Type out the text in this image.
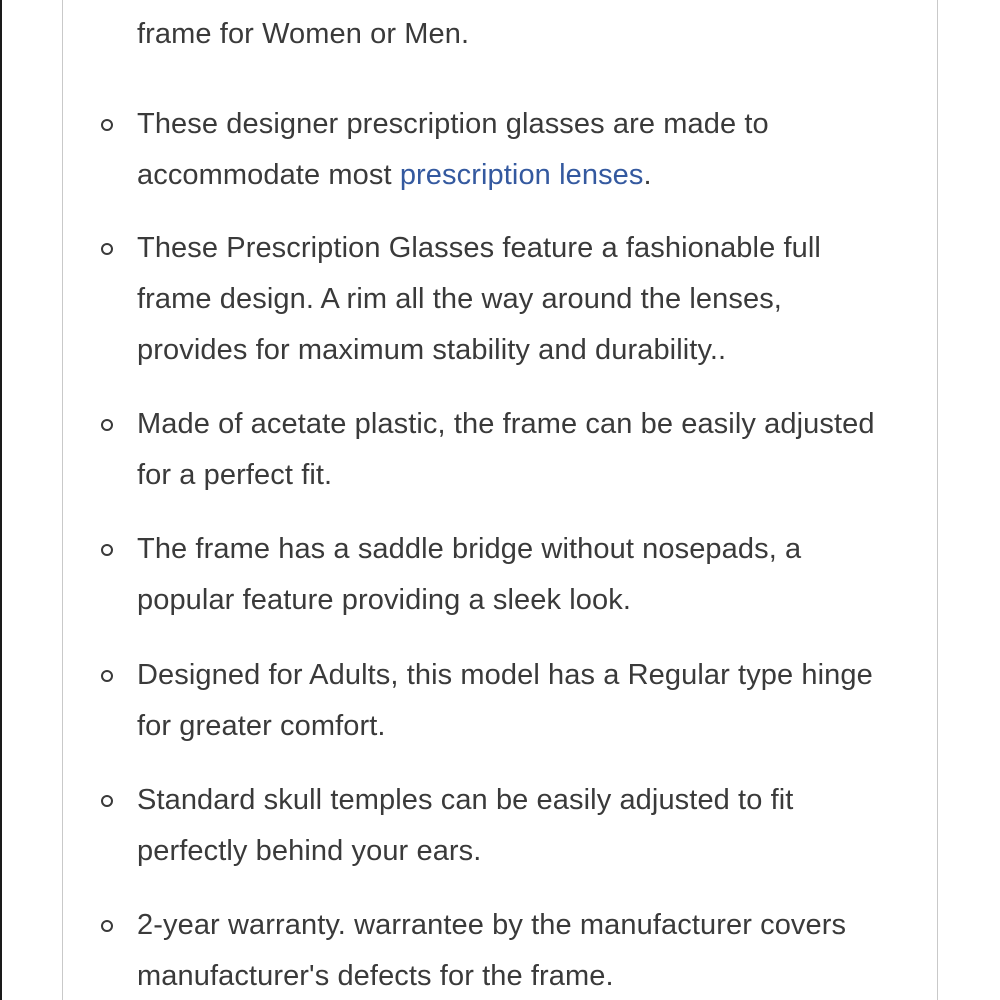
frame for Women or Men.
These designer prescription glasses are made to accommodate most prescription lenses.
These Prescription Glasses feature a fashionable full frame design. A rim all the way around the lenses, provides for maximum stability and durability..
Made of acetate plastic, the frame can be easily adjusted for a perfect fit.
The frame has a saddle bridge without nosepads, a popular feature providing a sleek look.
Designed for Adults, this model has a Regular type hinge for greater comfort.
Standard skull temples can be easily adjusted to fit perfectly behind your ears.
2-year warranty. warrantee by the manufacturer covers manufacturer's defects for the frame.
